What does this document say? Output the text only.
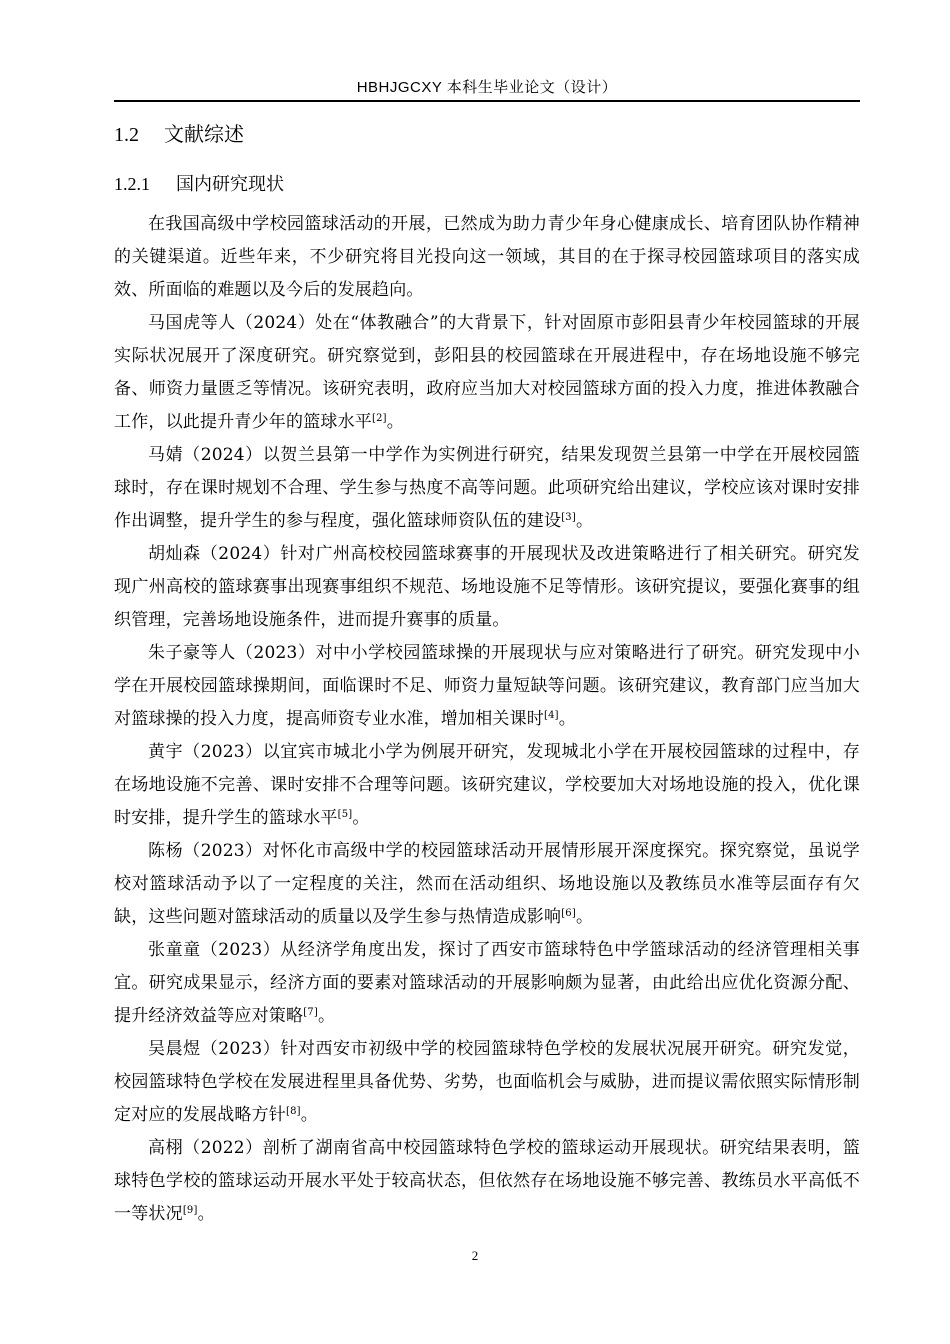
HBHJGCXY 本科生毕业论文（设计）
1.2 文献综述
1.2.1 国内研究现状

在我国高级中学校园篮球活动的开展，已然成为助力青少年身心健康成长、培育团队协作精神的关键渠道。近些年来，不少研究将目光投向这一领域，其目的在于探寻校园篮球项目的落实成效、所面临的难题以及今后的发展趋向。

马国虎等人（2024）处在“体教融合”的大背景下，针对固原市彭阳县青少年校园篮球的开展实际状况展开了深度研究。研究察觉到，彭阳县的校园篮球在开展进程中，存在场地设施不够完备、师资力量匮乏等情况。该研究表明，政府应当加大对校园篮球方面的投入力度，推进体教融合工作，以此提升青少年的篮球水平[2]。

马婧（2024）以贺兰县第一中学作为实例进行研究，结果发现贺兰县第一中学在开展校园篮球时，存在课时规划不合理、学生参与热度不高等问题。此项研究给出建议，学校应该对课时安排作出调整，提升学生的参与程度，强化篮球师资队伍的建设[3]。

胡灿森（2024）针对广州高校校园篮球赛事的开展现状及改进策略进行了相关研究。研究发现广州高校的篮球赛事出现赛事组织不规范、场地设施不足等情形。该研究提议，要强化赛事的组织管理，完善场地设施条件，进而提升赛事的质量。

朱子豪等人（2023）对中小学校园篮球操的开展现状与应对策略进行了研究。研究发现中小学在开展校园篮球操期间，面临课时不足、师资力量短缺等问题。该研究建议，教育部门应当加大对篮球操的投入力度，提高师资专业水准，增加相关课时[4]。

黄宇（2023）以宜宾市城北小学为例展开研究，发现城北小学在开展校园篮球的过程中，存在场地设施不完善、课时安排不合理等问题。该研究建议，学校要加大对场地设施的投入，优化课时安排，提升学生的篮球水平[5]。

陈杨（2023）对怀化市高级中学的校园篮球活动开展情形展开深度探究。探究察觉，虽说学校对篮球活动予以了一定程度的关注，然而在活动组织、场地设施以及教练员水准等层面存有欠缺，这些问题对篮球活动的质量以及学生参与热情造成影响[6]。

张童童（2023）从经济学角度出发，探讨了西安市篮球特色中学篮球活动的经济管理相关事宜。研究成果显示，经济方面的要素对篮球活动的开展影响颇为显著，由此给出应优化资源分配、提升经济效益等应对策略[7]。

吴晨煜（2023）针对西安市初级中学的校园篮球特色学校的发展状况展开研究。研究发觉，校园篮球特色学校在发展进程里具备优势、劣势，也面临机会与威胁，进而提议需依照实际情形制定对应的发展战略方针[8]。

高栩（2022）剖析了湖南省高中校园篮球特色学校的篮球运动开展现状。研究结果表明，篮球特色学校的篮球运动开展水平处于较高状态，但依然存在场地设施不够完善、教练员水平高低不一等状况[9]。

2
